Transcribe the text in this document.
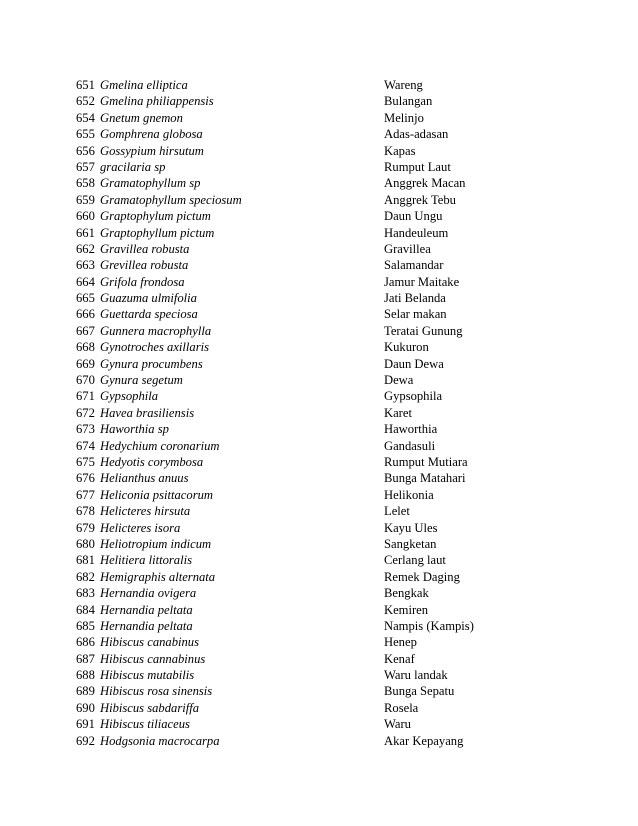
651 Gmelina elliptica	Wareng
652 Gmelina philiappensis	Bulangan
654 Gnetum gnemon	Melinjo
655 Gomphrena globosa	Adas-adasan
656 Gossypium hirsutum	Kapas
657 gracilaria sp	Rumput Laut
658 Gramatophyllum sp	Anggrek Macan
659 Gramatophyllum speciosum	Anggrek Tebu
660 Graptophylum pictum	Daun Ungu
661 Graptophyllum pictum	Handeuleum
662 Gravillea robusta	Gravillea
663 Grevillea robusta	Salamandar
664 Grifola frondosa	Jamur Maitake
665 Guazuma ulmifolia	Jati Belanda
666 Guettarda speciosa	Selar makan
667 Gunnera macrophylla	Teratai Gunung
668 Gynotroches axillaris	Kukuron
669 Gynura procumbens	Daun Dewa
670 Gynura segetum	Dewa
671 Gypsophila	Gypsophila
672 Havea brasiliensis	Karet
673 Haworthia sp	Haworthia
674 Hedychium coronarium	Gandasuli
675 Hedyotis corymbosa	Rumput Mutiara
676 Helianthus anuus	Bunga Matahari
677 Heliconia psittacorum	Helikonia
678 Helicteres hirsuta	Lelet
679 Helicteres isora	Kayu Ules
680 Heliotropium indicum	Sangketan
681 Helitiera littoralis	Cerlang laut
682 Hemigraphis alternata	Remek Daging
683 Hernandia ovigera	Bengkak
684 Hernandia peltata	Kemiren
685 Hernandia peltata	Nampis (Kampis)
686 Hibiscus canabinus	Henep
687 Hibiscus cannabinus	Kenaf
688 Hibiscus mutabilis	Waru landak
689 Hibiscus rosa sinensis	Bunga Sepatu
690 Hibiscus sabdariffa	Rosela
691 Hibiscus tiliaceus	Waru
692 Hodgsonia macrocarpa	Akar Kepayang
